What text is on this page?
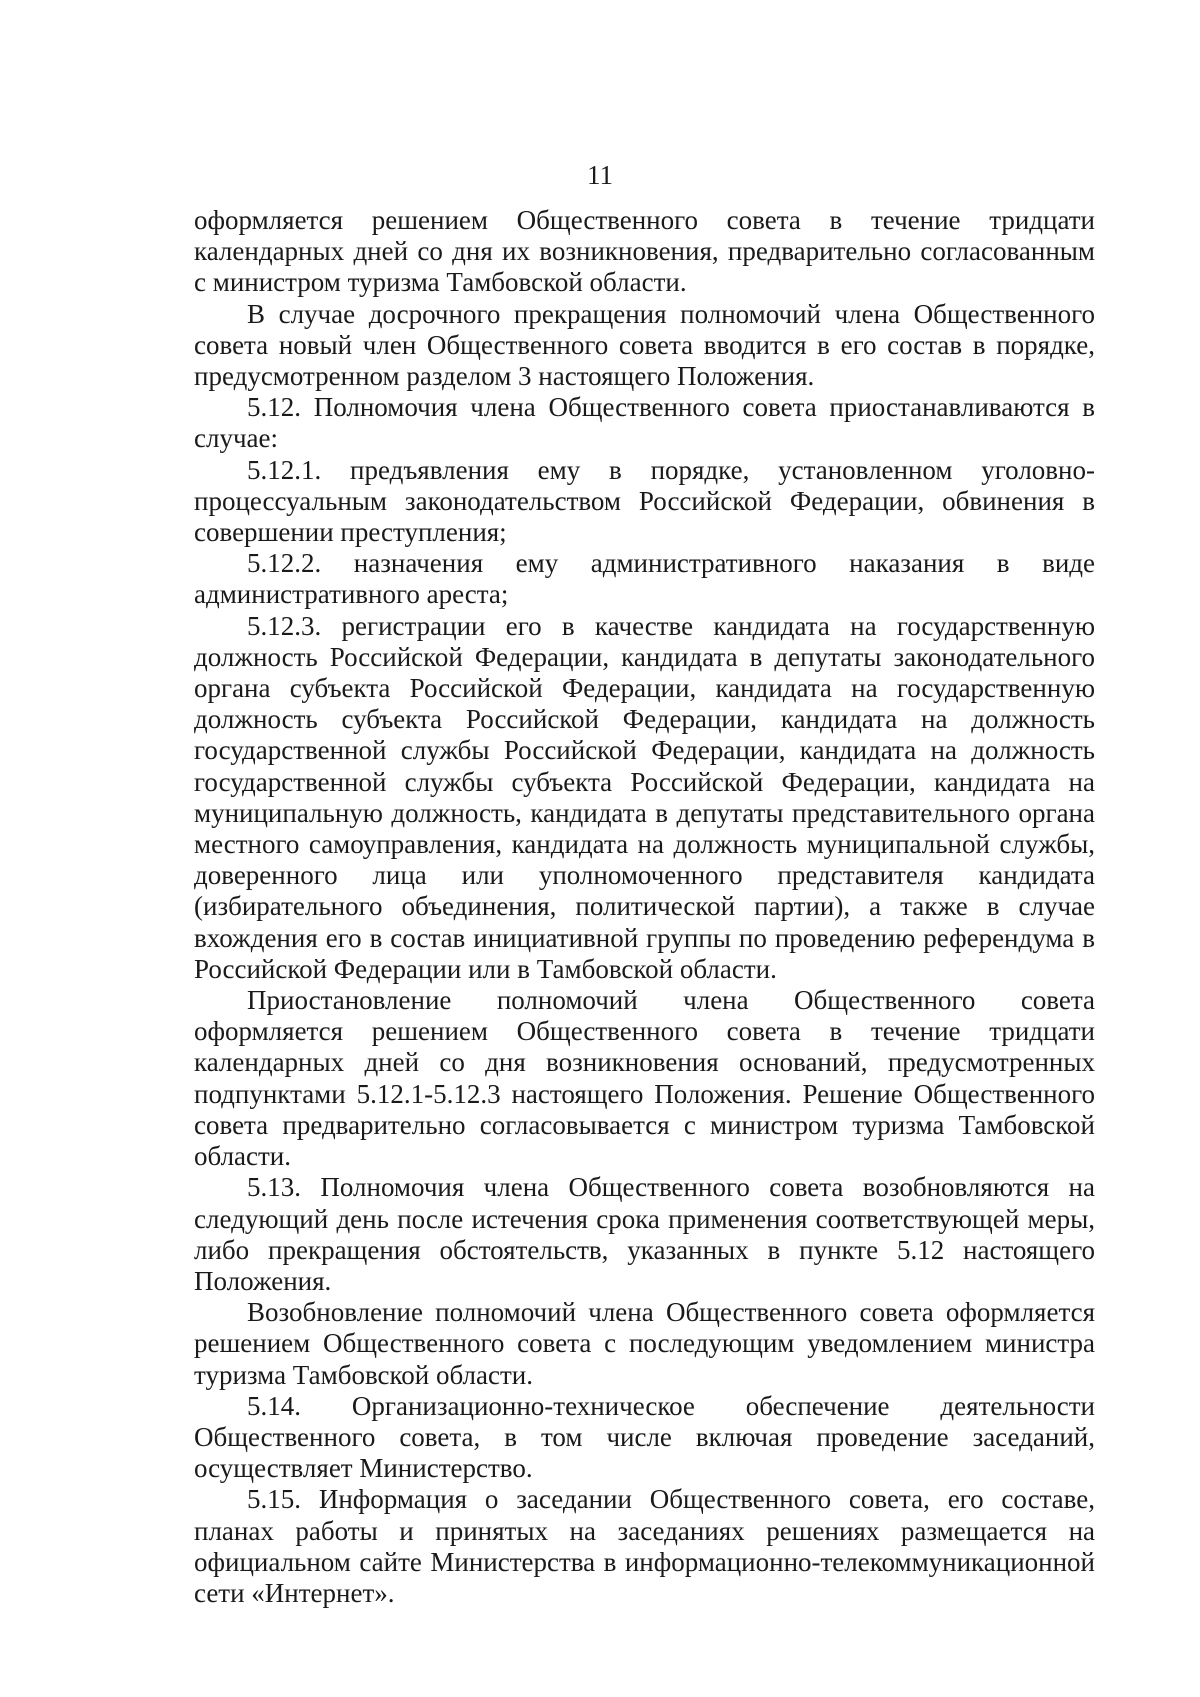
11

оформляется решением Общественного совета в течение тридцати календарных дней со дня их возникновения, предварительно согласованным с министром туризма Тамбовской области.

В случае досрочного прекращения полномочий члена Общественного совета новый член Общественного совета вводится в его состав в порядке, предусмотренном разделом 3 настоящего Положения.

5.12. Полномочия члена Общественного совета приостанавливаются в случае:

5.12.1. предъявления ему в порядке, установленном уголовно-процессуальным законодательством Российской Федерации, обвинения в совершении преступления;

5.12.2. назначения ему административного наказания в виде административного ареста;

5.12.3. регистрации его в качестве кандидата на государственную должность Российской Федерации, кандидата в депутаты законодательного органа субъекта Российской Федерации, кандидата на государственную должность субъекта Российской Федерации, кандидата на должность государственной службы Российской Федерации, кандидата на должность государственной службы субъекта Российской Федерации, кандидата на муниципальную должность, кандидата в депутаты представительного органа местного самоуправления, кандидата на должность муниципальной службы, доверенного лица или уполномоченного представителя кандидата (избирательного объединения, политической партии), а также в случае вхождения его в состав инициативной группы по проведению референдума в Российской Федерации или в Тамбовской области.

Приостановление полномочий члена Общественного совета оформляется решением Общественного совета в течение тридцати календарных дней со дня возникновения оснований, предусмотренных подпунктами 5.12.1-5.12.3 настоящего Положения. Решение Общественного совета предварительно согласовывается с министром туризма Тамбовской области.

5.13. Полномочия члена Общественного совета возобновляются на следующий день после истечения срока применения соответствующей меры, либо прекращения обстоятельств, указанных в пункте 5.12 настоящего Положения.

Возобновление полномочий члена Общественного совета оформляется решением Общественного совета с последующим уведомлением министра туризма Тамбовской области.

5.14. Организационно-техническое обеспечение деятельности Общественного совета, в том числе включая проведение заседаний, осуществляет Министерство.

5.15. Информация о заседании Общественного совета, его составе, планах работы и принятых на заседаниях решениях размещается на официальном сайте Министерства в информационно-телекоммуникационной сети «Интернет».
